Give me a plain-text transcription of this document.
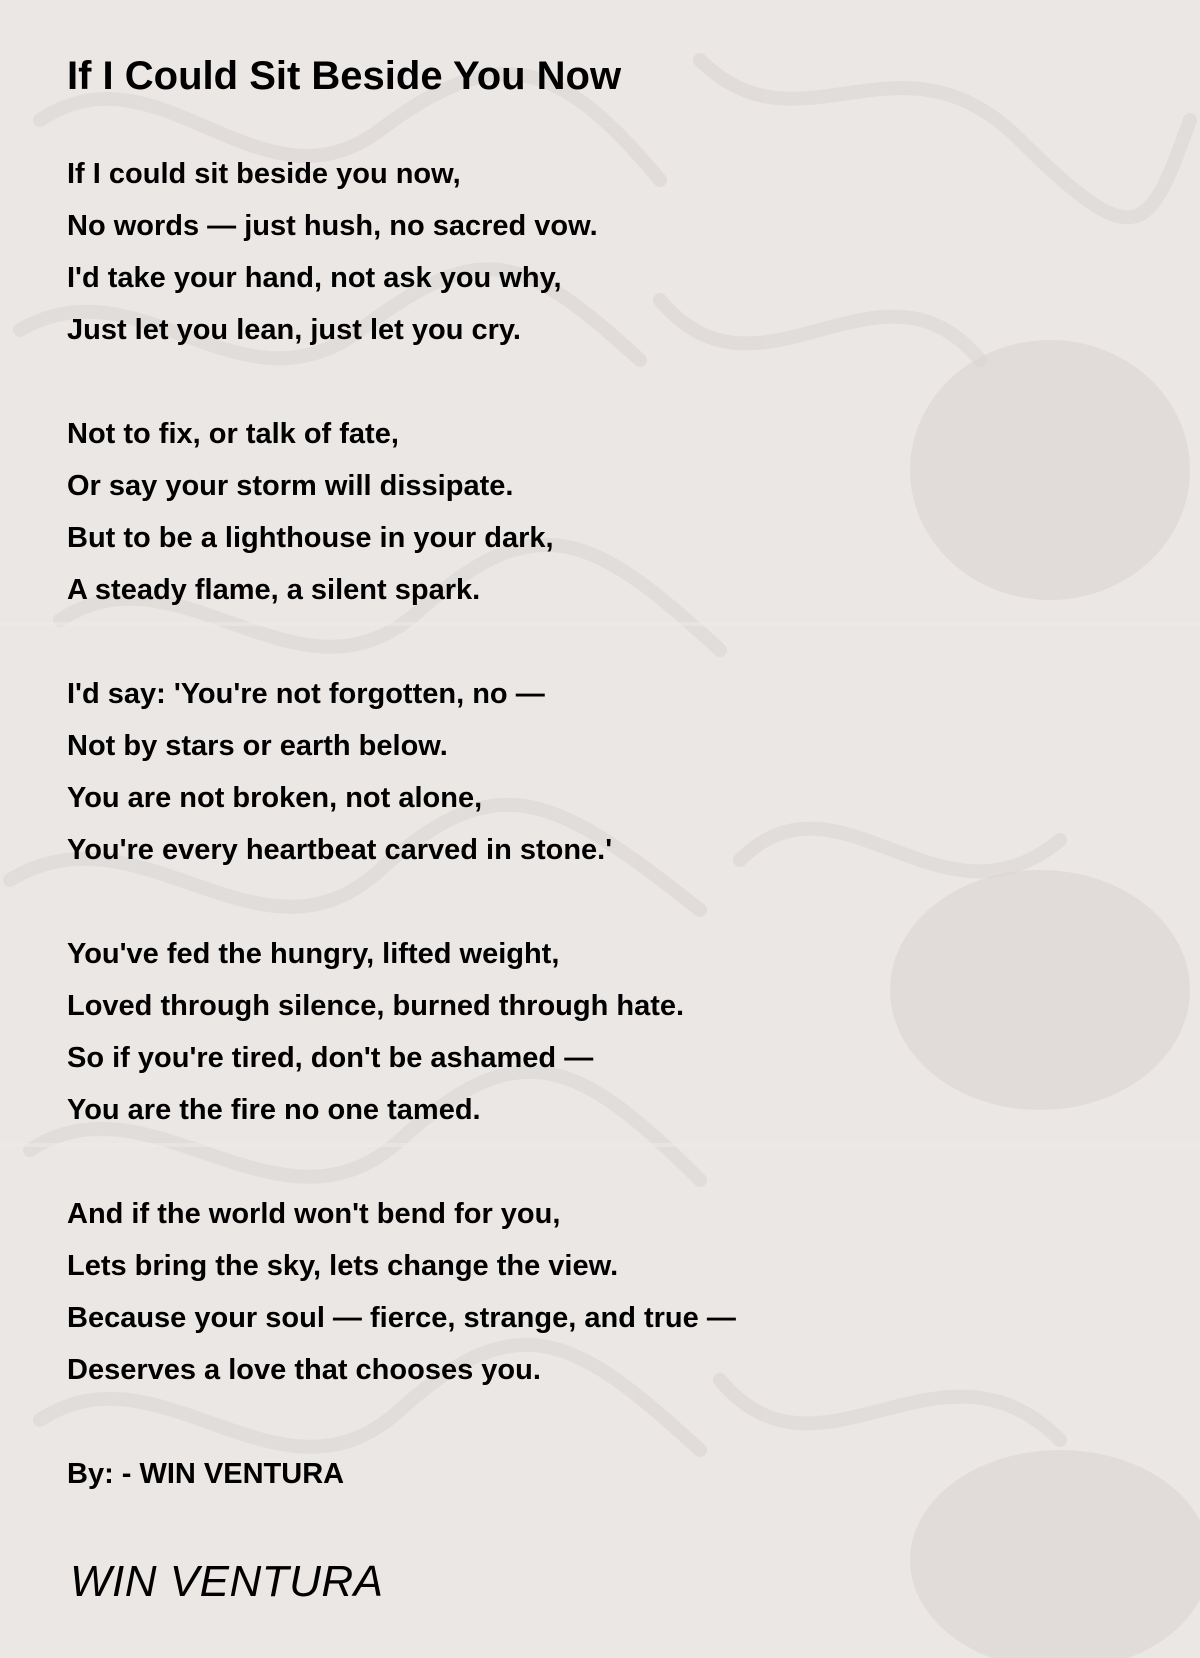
If I Could Sit Beside You Now
If I could sit beside you now,
No words — just hush, no sacred vow.
I'd take your hand, not ask you why,
Just let you lean, just let you cry.
Not to fix, or talk of fate,
Or say your storm will dissipate.
But to be a lighthouse in your dark,
A steady flame, a silent spark.
I'd say: 'You're not forgotten, no —
Not by stars or earth below.
You are not broken, not alone,
You're every heartbeat carved in stone.'
You've fed the hungry, lifted weight,
Loved through silence, burned through hate.
So if you're tired, don't be ashamed —
You are the fire no one tamed.
And if the world won't bend for you,
Lets bring the sky, lets change the view.
Because your soul — fierce, strange, and true —
Deserves a love that chooses you.
By: - WIN VENTURA
WIN VENTURA
